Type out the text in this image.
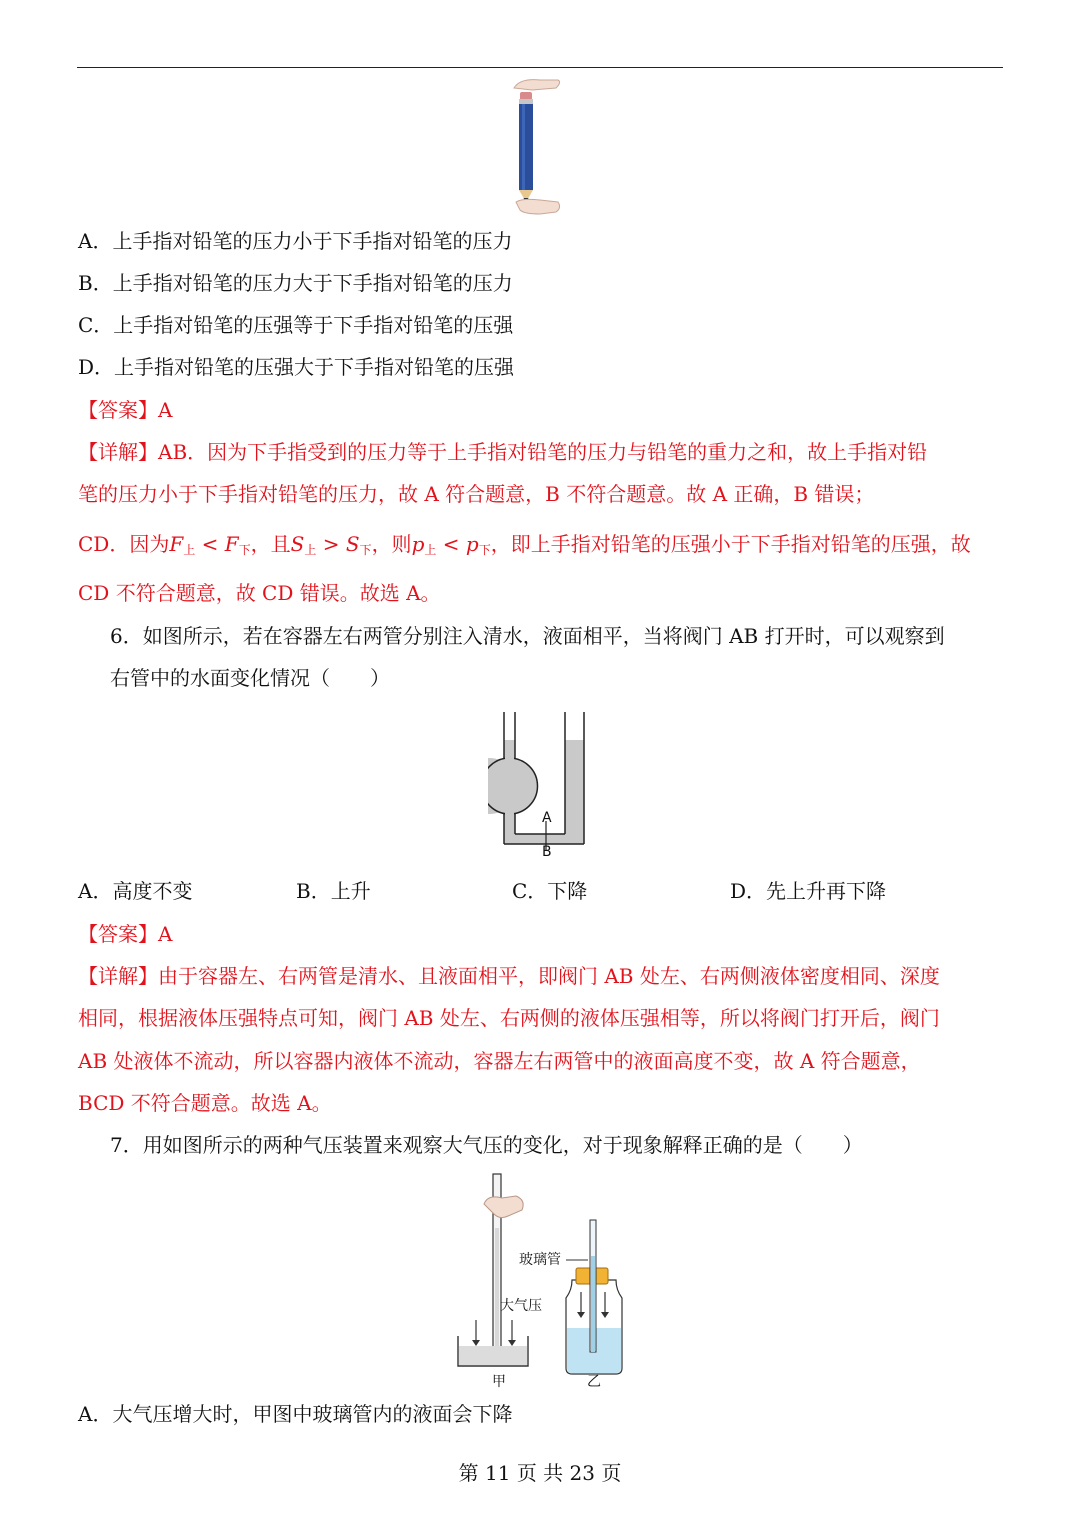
A．上手指对铅笔的压力小于下手指对铅笔的压力
B．上手指对铅笔的压力大于下手指对铅笔的压力
C．上手指对铅笔的压强等于下手指对铅笔的压强
D．上手指对铅笔的压强大于下手指对铅笔的压强
【答案】A
【详解】AB．因为下手指受到的压力等于上手指对铅笔的压力与铅笔的重力之和，故上手指对铅
笔的压力小于下手指对铅笔的压力，故 A 符合题意，B 不符合题意。故 A 正确，B 错误；
CD．因为$F_上 < F_下$，且$S_上 > S_下$，则$p_上 < p_下$，即上手指对铅笔的压强小于下手指对铅笔的压强，故
CD 不符合题意，故 CD 错误。故选 A。
6．如图所示，若在容器左右两管分别注入清水，液面相平，当将阀门 AB 打开时，可以观察到
右管中的水面变化情况（　　）
A
B
A．高度不变	B．上升	C．下降	D．先上升再下降
【答案】A
【详解】由于容器左、右两管是清水、且液面相平，即阀门 AB 处左、右两侧液体密度相同、深度
相同，根据液体压强特点可知，阀门 AB 处左、右两侧的液体压强相等，所以将阀门打开后，阀门
AB 处液体不流动，所以容器内液体不流动，容器左右两管中的液面高度不变，故 A 符合题意，
BCD 不符合题意。故选 A。
7．用如图所示的两种气压装置来观察大气压的变化，对于现象解释正确的是（　　）
大气压
甲
玻璃管
乙
A．大气压增大时，甲图中玻璃管内的液面会下降
第 11 页 共 23 页
